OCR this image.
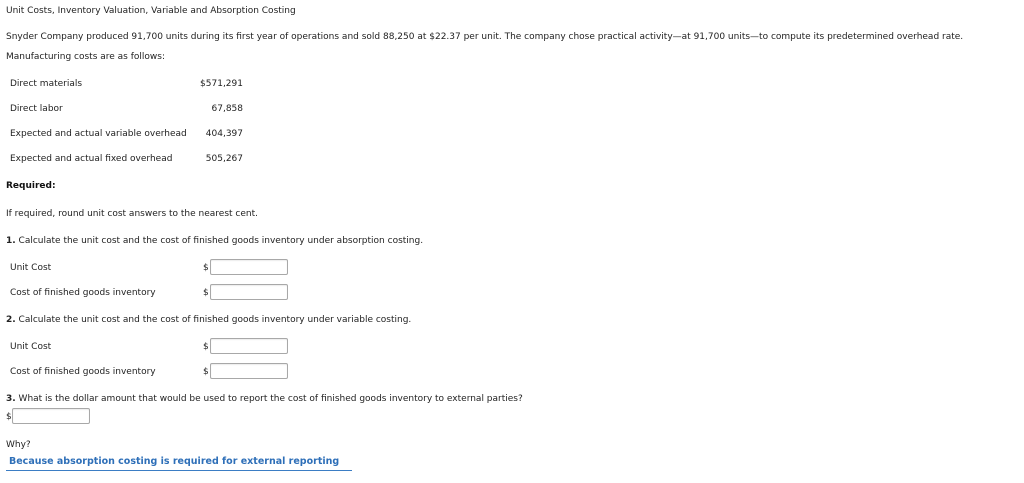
Unit Costs, Inventory Valuation, Variable and Absorption Costing
Snyder Company produced 91,700 units during its first year of operations and sold 88,250 at $22.37 per unit. The company chose practical activity—at 91,700 units—to compute its predetermined overhead rate.
Manufacturing costs are as follows:
Direct materials	$571,291
Direct labor	67,858
Expected and actual variable overhead	404,397
Expected and actual fixed overhead	505,267
Required:
If required, round unit cost answers to the nearest cent.
1. Calculate the unit cost and the cost of finished goods inventory under absorption costing.
Unit Cost	$
Cost of finished goods inventory	$
2. Calculate the unit cost and the cost of finished goods inventory under variable costing.
Unit Cost	$
Cost of finished goods inventory	$
3. What is the dollar amount that would be used to report the cost of finished goods inventory to external parties?
$
Why?
Because absorption costing is required for external reporting
